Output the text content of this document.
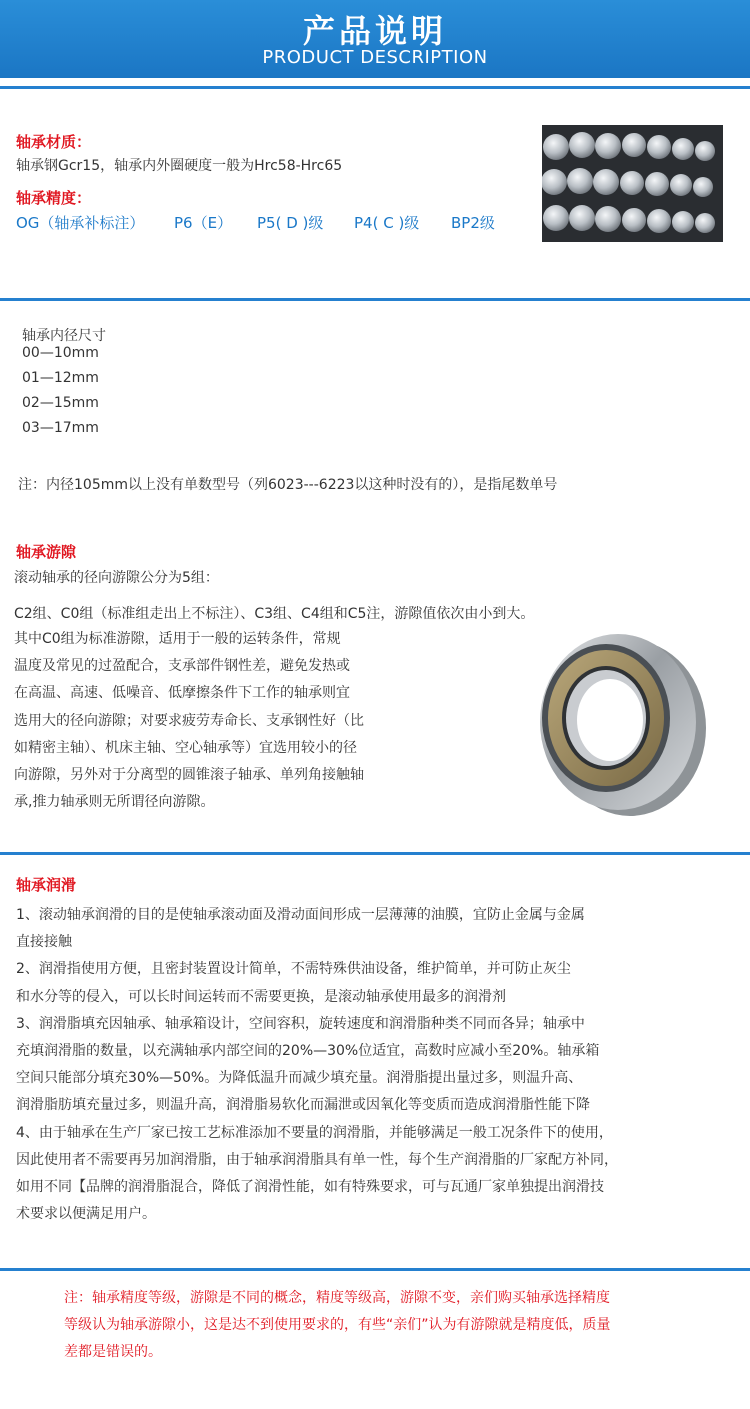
产品说明
PRODUCT DESCRIPTION
轴承材质：
轴承钢Gcr15，轴承内外圈硬度一般为Hrc58-Hrc65
轴承精度：
OG（轴承补标注） P6（E） P5( D )级 P4( C )级 BP2级
轴承内径尺寸
00—10mm
01—12mm
02—15mm
03—17mm
注：内径105mm以上没有单数型号（列6023---6223以这种时没有的），是指尾数单号
轴承游隙
滚动轴承的径向游隙公分为5组：
C2组、C0组（标准组走出上不标注）、C3组、C4组和C5注，游隙值依次由小到大。
其中C0组为标准游隙，适用于一般的运转条件，常规
温度及常见的过盈配合，支承部件钢性差，避免发热或
在高温、高速、低噪音、低摩擦条件下工作的轴承则宜
选用大的径向游隙；对要求疲劳寿命长、支承钢性好（比
如精密主轴）、机床主轴、空心轴承等）宜选用较小的径
向游隙，另外对于分离型的圆锥滚子轴承、单列角接触轴
承,推力轴承则无所谓径向游隙。
轴承润滑
1、滚动轴承润滑的目的是使轴承滚动面及滑动面间形成一层薄薄的油膜，宜防止金属与金属
直接接触
2、润滑指使用方便，且密封装置设计简单，不需特殊供油设备，维护简单，并可防止灰尘
和水分等的侵入，可以长时间运转而不需要更换，是滚动轴承使用最多的润滑剂
3、润滑脂填充因轴承、轴承箱设计，空间容积，旋转速度和润滑脂种类不同而各异；轴承中
充填润滑脂的数量，以充满轴承内部空间的20%—30%位适宜，高数时应减小至20%。轴承箱
空间只能部分填充30%—50%。为降低温升而减少填充量。润滑脂提出量过多，则温升高、
润滑脂肪填充量过多，则温升高，润滑脂易软化而漏泄或因氧化等变质而造成润滑脂性能下降
4、由于轴承在生产厂家已按工艺标准添加不要量的润滑脂，并能够满足一般工况条件下的使用，
因此使用者不需要再另加润滑脂，由于轴承润滑脂具有单一性，每个生产润滑脂的厂家配方补同，
如用不同【品牌的润滑脂混合，降低了润滑性能，如有特殊要求，可与瓦通厂家单独提出润滑技
术要求以便满足用户。
注：轴承精度等级，游隙是不同的概念，精度等级高，游隙不变，亲们购买轴承选择精度
等级认为轴承游隙小，这是达不到使用要求的，有些“亲们”认为有游隙就是精度低，质量
差都是错误的。
